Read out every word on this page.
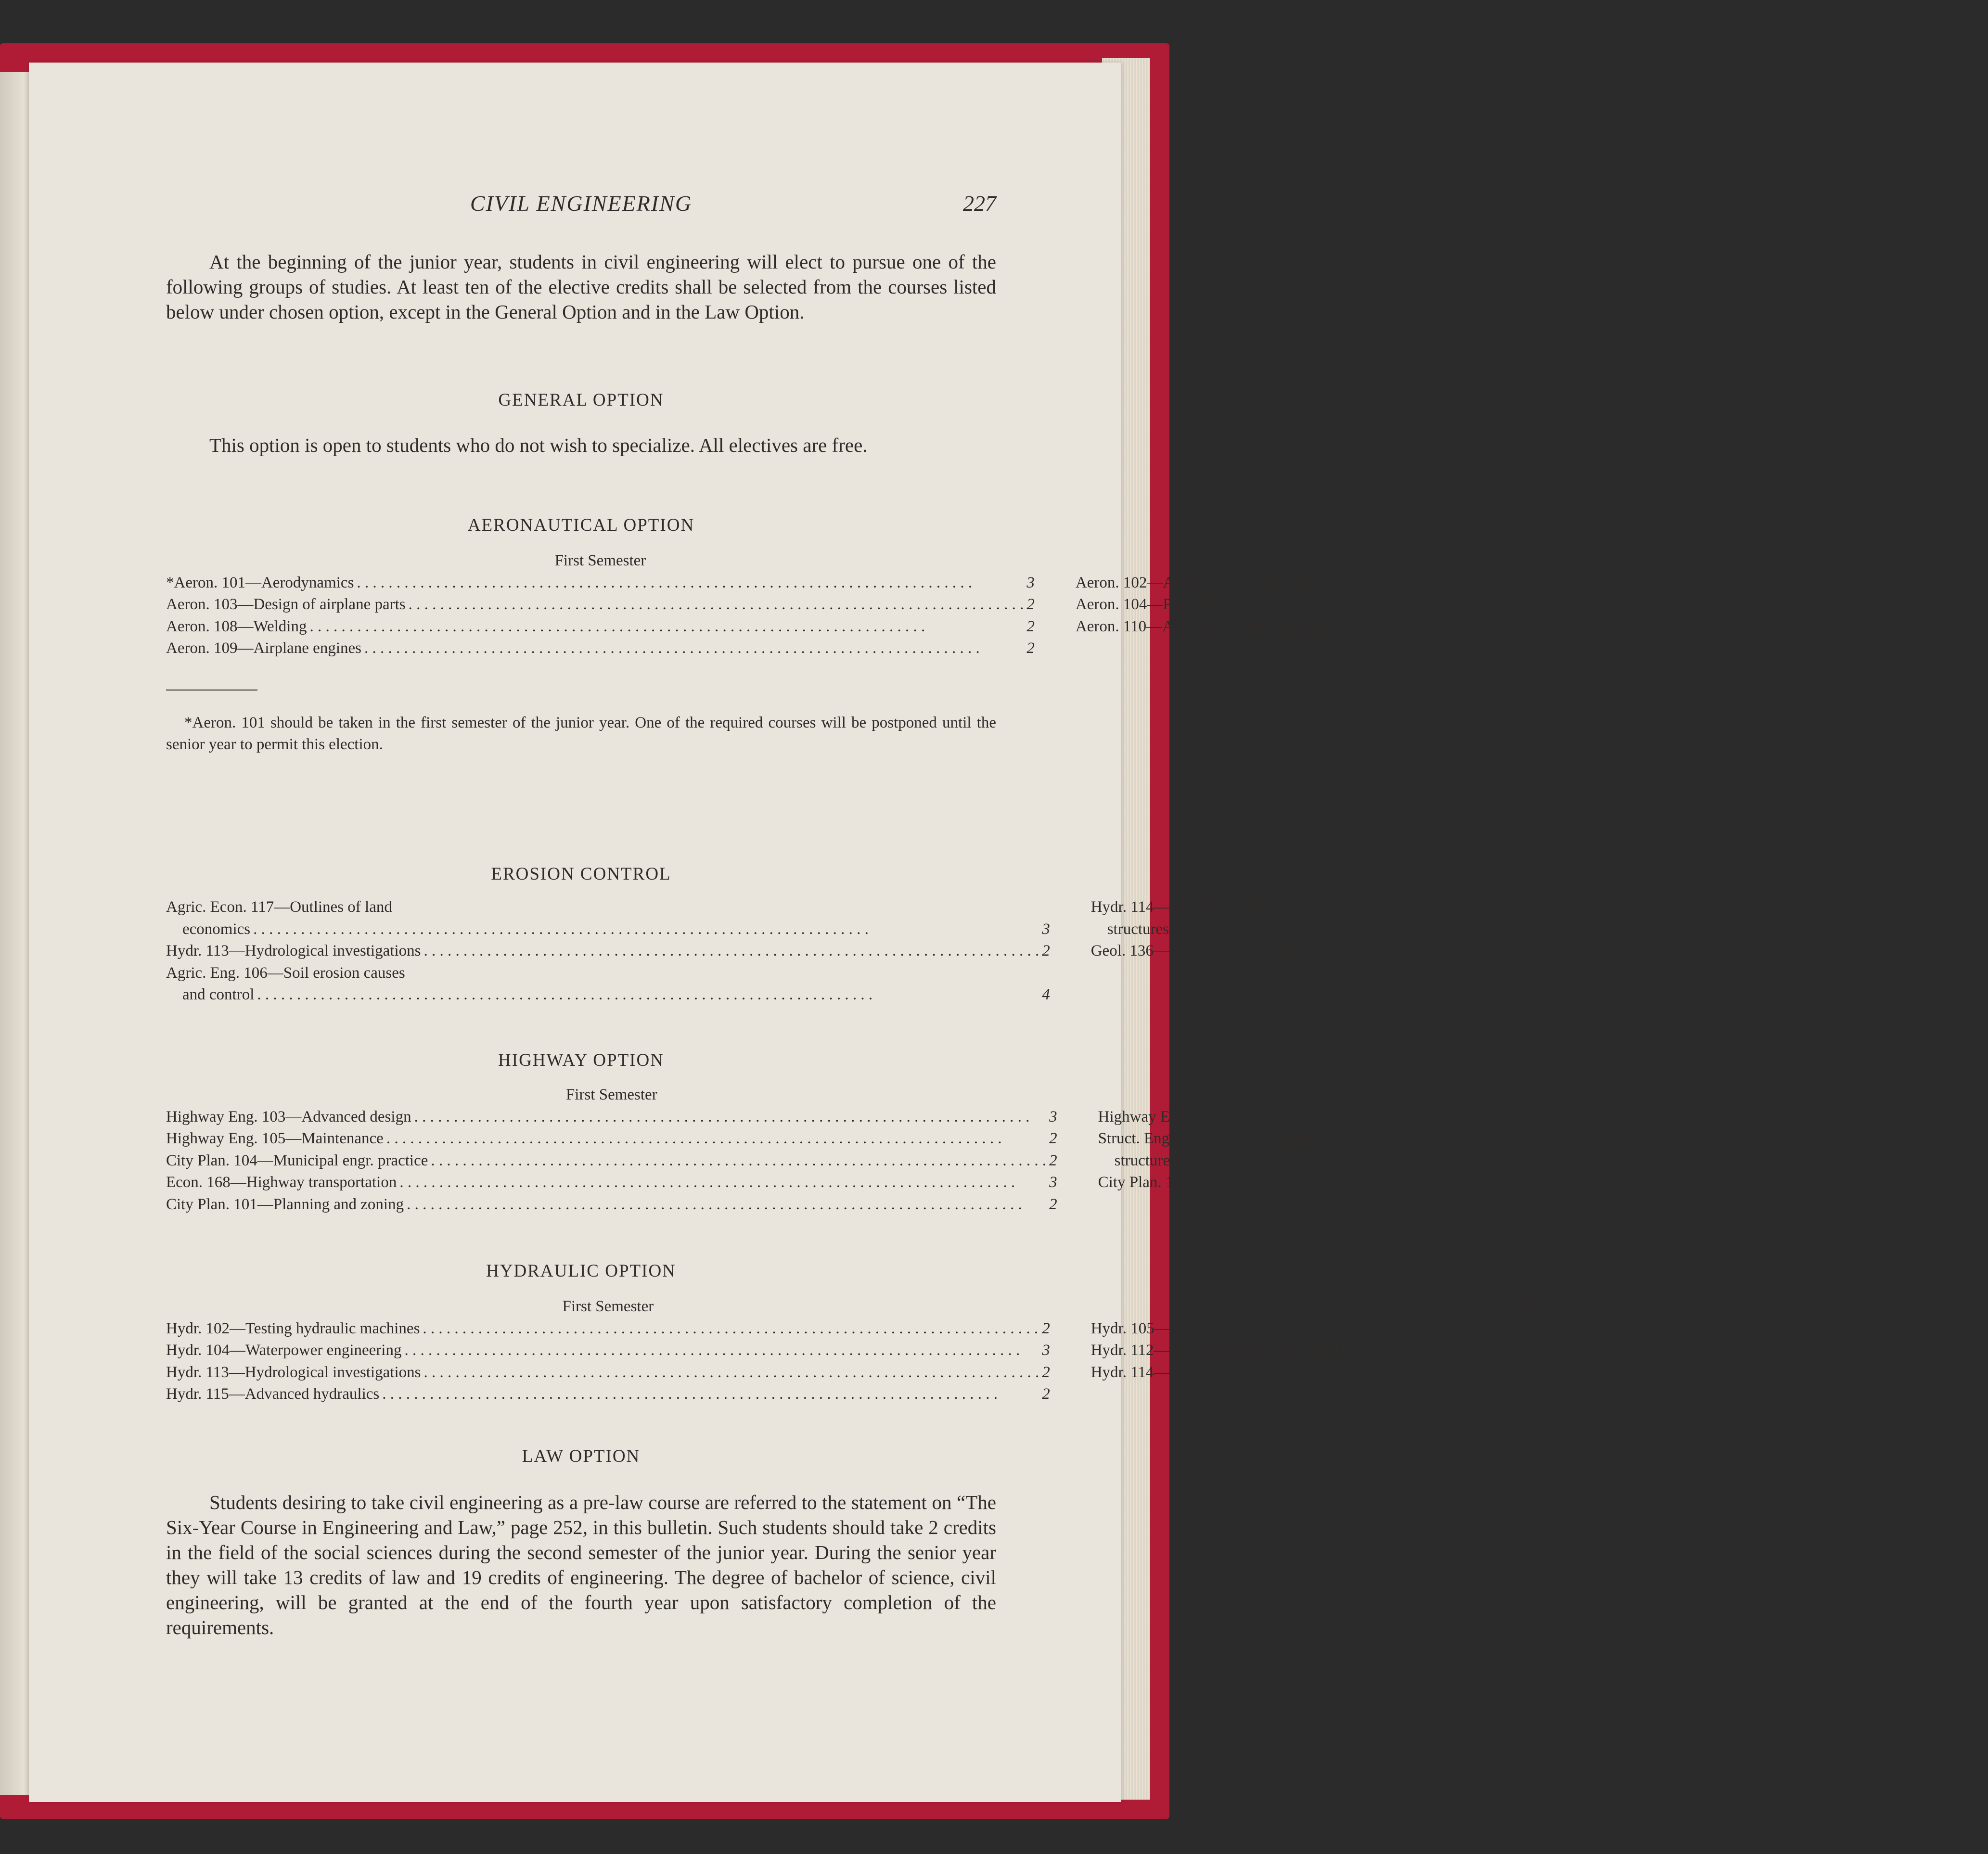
CIVIL ENGINEERING	227

At the beginning of the junior year, students in civil engineering will elect to pursue one of the following groups of studies. At least ten of the elective credits shall be selected from the courses listed below under chosen option, except in the General Option and in the Law Option.

GENERAL OPTION

This option is open to students who do not wish to specialize. All electives are free.

AERONAUTICAL OPTION

First Semester
*Aeron. 101—Aerodynamics . . .	3
Aeron. 103—Design of airplane parts . . .	2
Aeron. 108—Welding . . .	2
Aeron. 109—Airplane engines . . .	2
Second Semester
Aeron. 102—Airplane stress analysis . . .	3
Aeron. 104—Propeller theory . . .	2
Aeron. 110—Aeronautical meteorology . . .	1

*Aeron. 101 should be taken in the first semester of the junior year. One of the required courses will be postponed until the senior year to permit this election.

EROSION CONTROL

Agric. Econ. 117—Outlines of land
economics . . .	3
Hydr. 113—Hydrological investigations . . .	2
Agric. Eng. 106—Soil erosion causes
and control . . .	4
Hydr. 114—Design of soil-saving
structures . . .	2
Geol. 136—Principles of erosion . . .	3

HIGHWAY OPTION

First Semester
Highway Eng. 103—Advanced design . . .	3
Highway Eng. 105—Maintenance . . .	2
City Plan. 104—Municipal engr. practice . . .	2
Econ. 168—Highway transportation . . .	3
City Plan. 101—Planning and zoning . . .	2
Second Semester
Highway Eng. 104—Materials testing . . .	3
Struct. Eng. 112—Design of highway
structures . . .	2
City Plan. 101—(repeated) . . .	2

HYDRAULIC OPTION

First Semester
Hydr. 102—Testing hydraulic machines . . .	2
Hydr. 104—Waterpower engineering . . .	3
Hydr. 113—Hydrological investigations . . .	2
Hydr. 115—Advanced hydraulics . . .	2
Second Semester
Hydr. 105—Hydraulic machinery . . .	2
Hydr. 112—Drainage and river hydraulics . . .	2
Hydr. 114—Hydraulic design . . .	2

LAW OPTION

Students desiring to take civil engineering as a pre-law course are referred to the statement on “The Six-Year Course in Engineering and Law,” page 252, in this bulletin. Such students should take 2 credits in the field of the social sciences during the second semester of the junior year. During the senior year they will take 13 credits of law and 19 credits of engineering. The degree of bachelor of science, civil engineering, will be granted at the end of the fourth year upon satisfactory completion of the requirements.
